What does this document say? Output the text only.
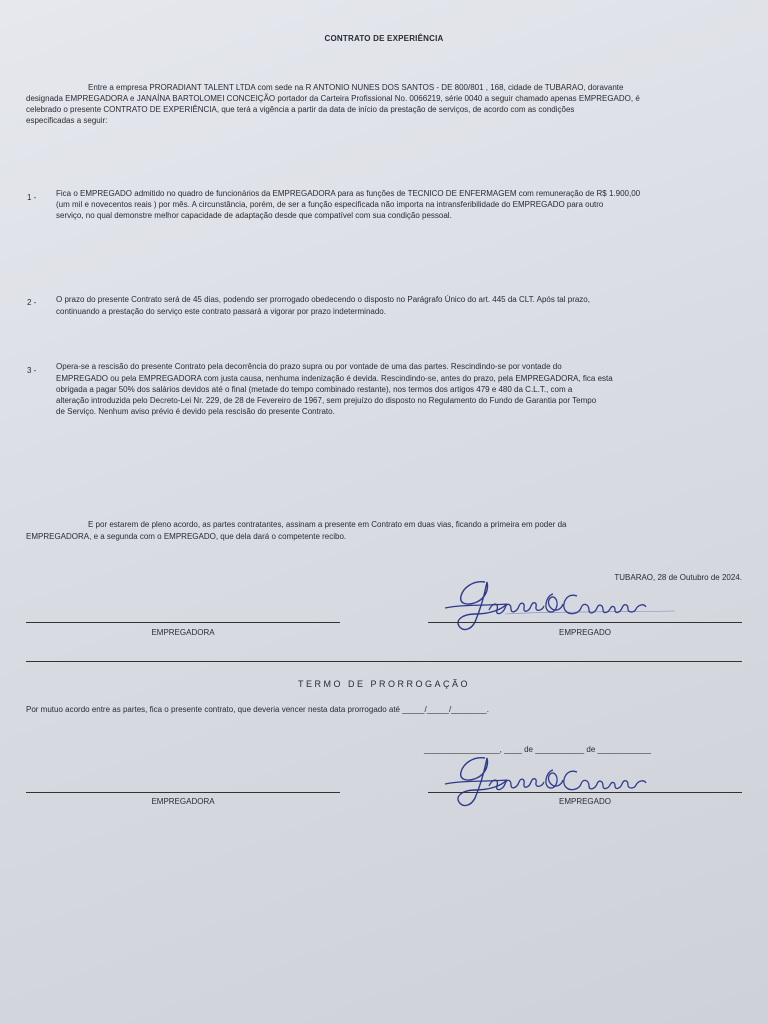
CONTRATO DE EXPERIÊNCIA
Entre a empresa PRORADIANT TALENT LTDA com sede na R ANTONIO NUNES DOS SANTOS - DE 800/801 , 168, cidade de TUBARAO, doravante
designada EMPREGADORA e JANAÍNA BARTOLOMEI CONCEIÇÃO portador da Carteira Profissional No. 0066219, série 0040 a seguir chamado apenas EMPREGADO, é
celebrado o presente CONTRATO DE EXPERIÊNCIA, que terá a vigência a partir da data de início da prestação de serviços, de acordo com as condições
especificadas a seguir:
1 - Fica o EMPREGADO admitido no quadro de funcionários da EMPREGADORA para as funções de TECNICO DE ENFERMAGEM com remuneração de R$ 1.900,00
(um mil e novecentos reais ) por mês. A circunstância, porém, de ser a função especificada não importa na intransferibilidade do EMPREGADO para outro
serviço, no qual demonstre melhor capacidade de adaptação desde que compatível com sua condição pessoal.
2 - O prazo do presente Contrato será de 45 dias, podendo ser prorrogado obedecendo o disposto no Parágrafo Único do art. 445 da CLT. Após tal prazo,
continuando a prestação do serviço este contrato passará a vigorar por prazo indeterminado.
3 - Opera-se a rescisão do presente Contrato pela decorrência do prazo supra ou por vontade de uma das partes. Rescindindo-se por vontade do
EMPREGADO ou pela EMPREGADORA com justa causa, nenhuma indenização é devida. Rescindindo-se, antes do prazo, pela EMPREGADORA, fica esta
obrigada a pagar 50% dos salários devidos até o final (metade do tempo combinado restante), nos termos dos artigos 479 e 480 da C.L.T., com a
alteração introduzida pelo Decreto-Lei Nr. 229, de 28 de Fevereiro de 1967, sem prejuízo do disposto no Regulamento do Fundo de Garantia por Tempo
de Serviço. Nenhum aviso prévio é devido pela rescisão do presente Contrato.
E por estarem de pleno acordo, as partes contratantes, assinam a presente em Contrato em duas vias, ficando a primeira em poder da
EMPREGADORA, e a segunda com o EMPREGADO, que dela dará o competente recibo.
TUBARAO, 28 de Outubro de 2024.
EMPREGADORA	EMPREGADO
TERMO DE PRORROGAÇÃO
Por mutuo acordo entre as partes, fica o presente contrato, que deveria vencer nesta data prorrogado até _____/_____/________.
_________________, ____ de ___________ de ____________
EMPREGADORA	EMPREGADO
